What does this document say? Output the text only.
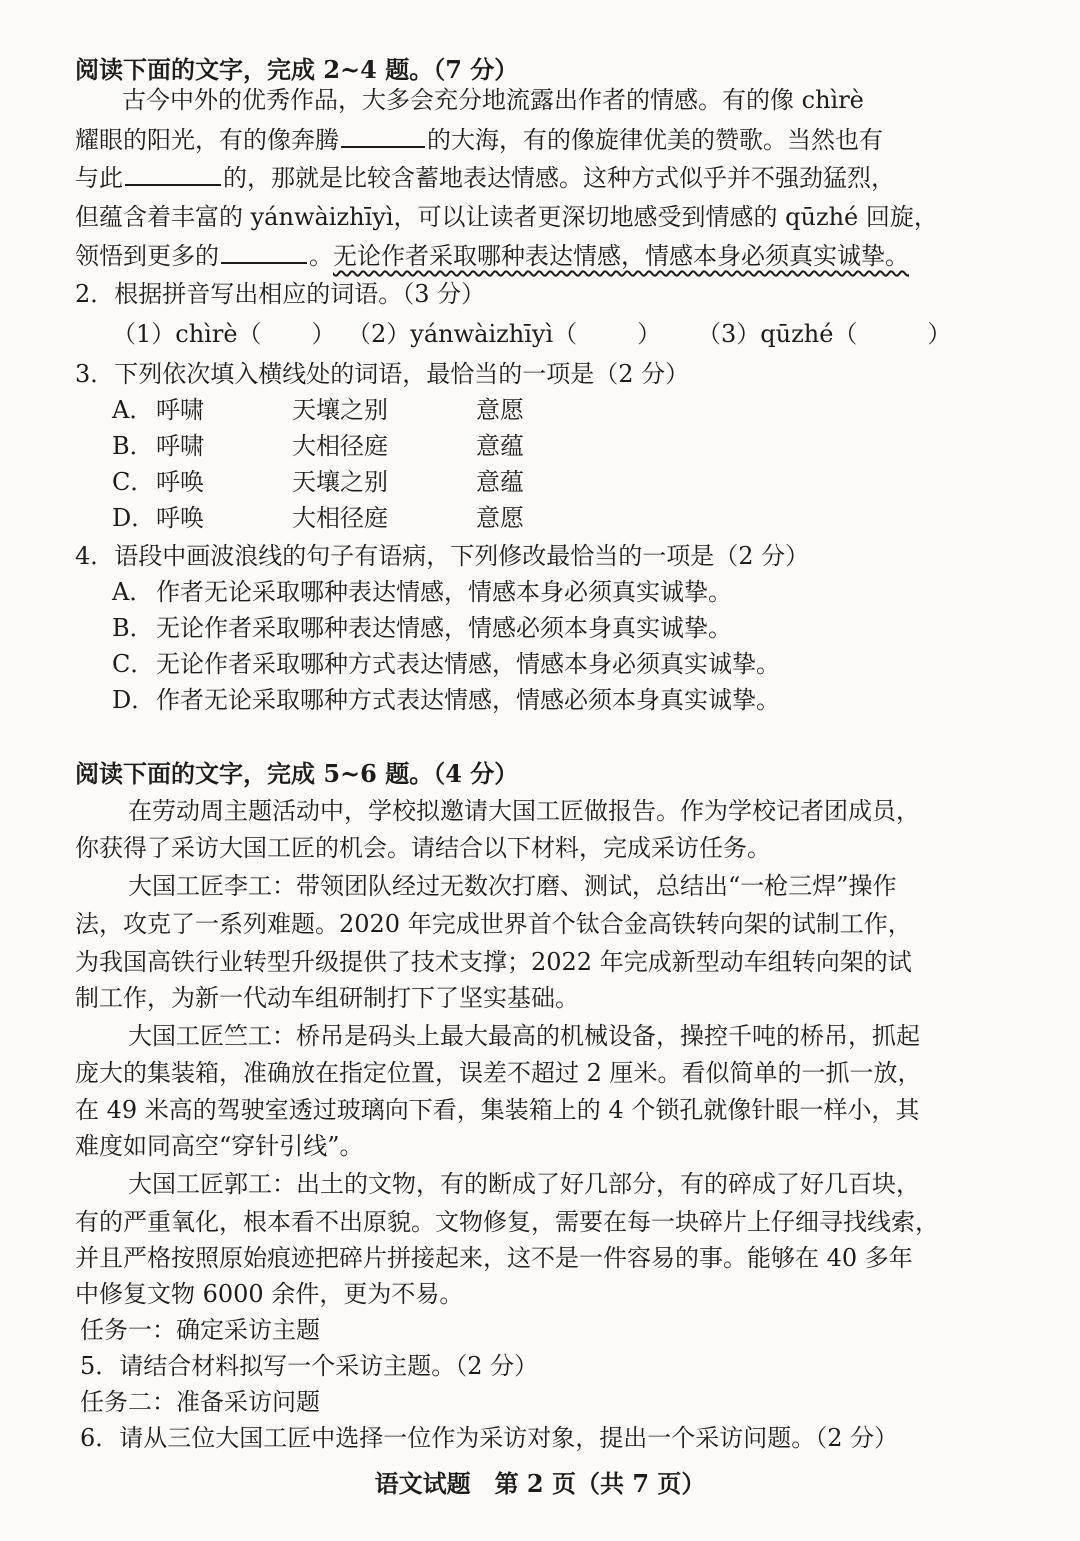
阅读下面的文字，完成 2~4 题。（7 分）
古今中外的优秀作品，大多会充分地流露出作者的情感。有的像 chìrè
耀眼的阳光，有的像奔腾	的大海，有的像旋律优美的赞歌。当然也有
与此	的，那就是比较含蓄地表达情感。这种方式似乎并不强劲猛烈，
但蕴含着丰富的 yánwàizhīyì，可以让读者更深切地感受到情感的 qūzhé 回旋，
领悟到更多的	。无论作者采取哪种表达情感，情感本身必须真实诚挚。
2．根据拼音写出相应的词语。（3 分）
（1）chìrè（ ） （2）yánwàizhīyì（	） （3）qūzhé（	）
3．下列依次填入横线处的词语，最恰当的一项是（2 分）
A． 呼啸	天壤之别	意愿
B．呼啸	大相径庭	意蕴
C．呼唤	天壤之别	意蕴
D．呼唤	大相径庭	意愿
4．语段中画波浪线的句子有语病，下列修改最恰当的一项是（2 分）
A． 作者无论采取哪种表达情感，情感本身必须真实诚挚。
B．无论作者采取哪种表达情感，情感必须本身真实诚挚。
C．无论作者采取哪种方式表达情感，情感本身必须真实诚挚。
D．作者无论采取哪种方式表达情感，情感必须本身真实诚挚。
阅读下面的文字，完成 5~6 题。（4 分）
在劳动周主题活动中，学校拟邀请大国工匠做报告。作为学校记者团成员，
你获得了采访大国工匠的机会。请结合以下材料，完成采访任务。
大国工匠李工：带领团队经过无数次打磨、测试，总结出“一枪三焊”操作
法，攻克了一系列难题。2020 年完成世界首个钛合金高铁转向架的试制工作，
为我国高铁行业转型升级提供了技术支撑；2022 年完成新型动车组转向架的试
制工作，为新一代动车组研制打下了坚实基础。
大国工匠竺工：桥吊是码头上最大最高的机械设备，操控千吨的桥吊，抓起
庞大的集装箱，准确放在指定位置，误差不超过 2 厘米。看似简单的一抓一放，
在 49 米高的驾驶室透过玻璃向下看，集装箱上的 4 个锁孔就像针眼一样小，其
难度如同高空“穿针引线”。
大国工匠郭工：出土的文物，有的断成了好几部分，有的碎成了好几百块，
有的严重氧化，根本看不出原貌。文物修复，需要在每一块碎片上仔细寻找线索，
并且严格按照原始痕迹把碎片拼接起来，这不是一件容易的事。能够在 40 多年
中修复文物 6000 余件，更为不易。
任务一：确定采访主题
5．请结合材料拟写一个采访主题。（2 分）
任务二：准备采访问题
6．请从三位大国工匠中选择一位作为采访对象，提出一个采访问题。（2 分）
语文试题　第 2 页（共 7 页）
